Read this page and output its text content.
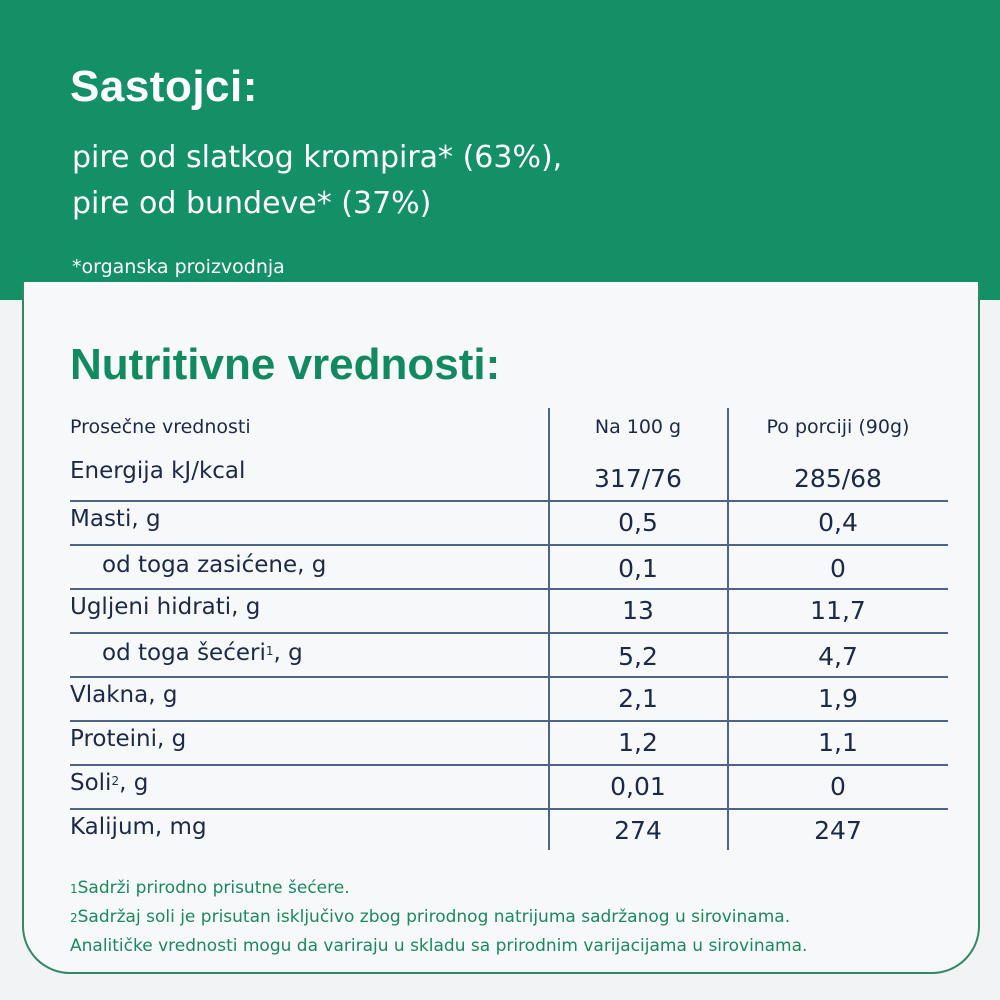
Sastojci:
pire od slatkog krompira* (63%),
pire od bundeve* (37%)
*organska proizvodnja
Nutritivne vrednosti:
Prosečne vrednosti	Na 100 g	Po porciji (90g)
Energija kJ/kcal	317/76	285/68
Masti, g	0,5	0,4
od toga zasićene, g	0,1	0
Ugljeni hidrati, g	13	11,7
od toga šećeri$^1$, g	5,2	4,7
Vlakna, g	2,1	1,9
Proteini, g	1,2	1,1
Soli$^2$, g	0,01	0
Kalijum, mg	274	247
$^1$Sadrži prirodno prisutne šećere.
$^2$Sadržaj soli je prisutan isključivo zbog prirodnog natrijuma sadržanog u sirovinama.
Analitičke vrednosti mogu da variraju u skladu sa prirodnim varijacijama u sirovinama.
